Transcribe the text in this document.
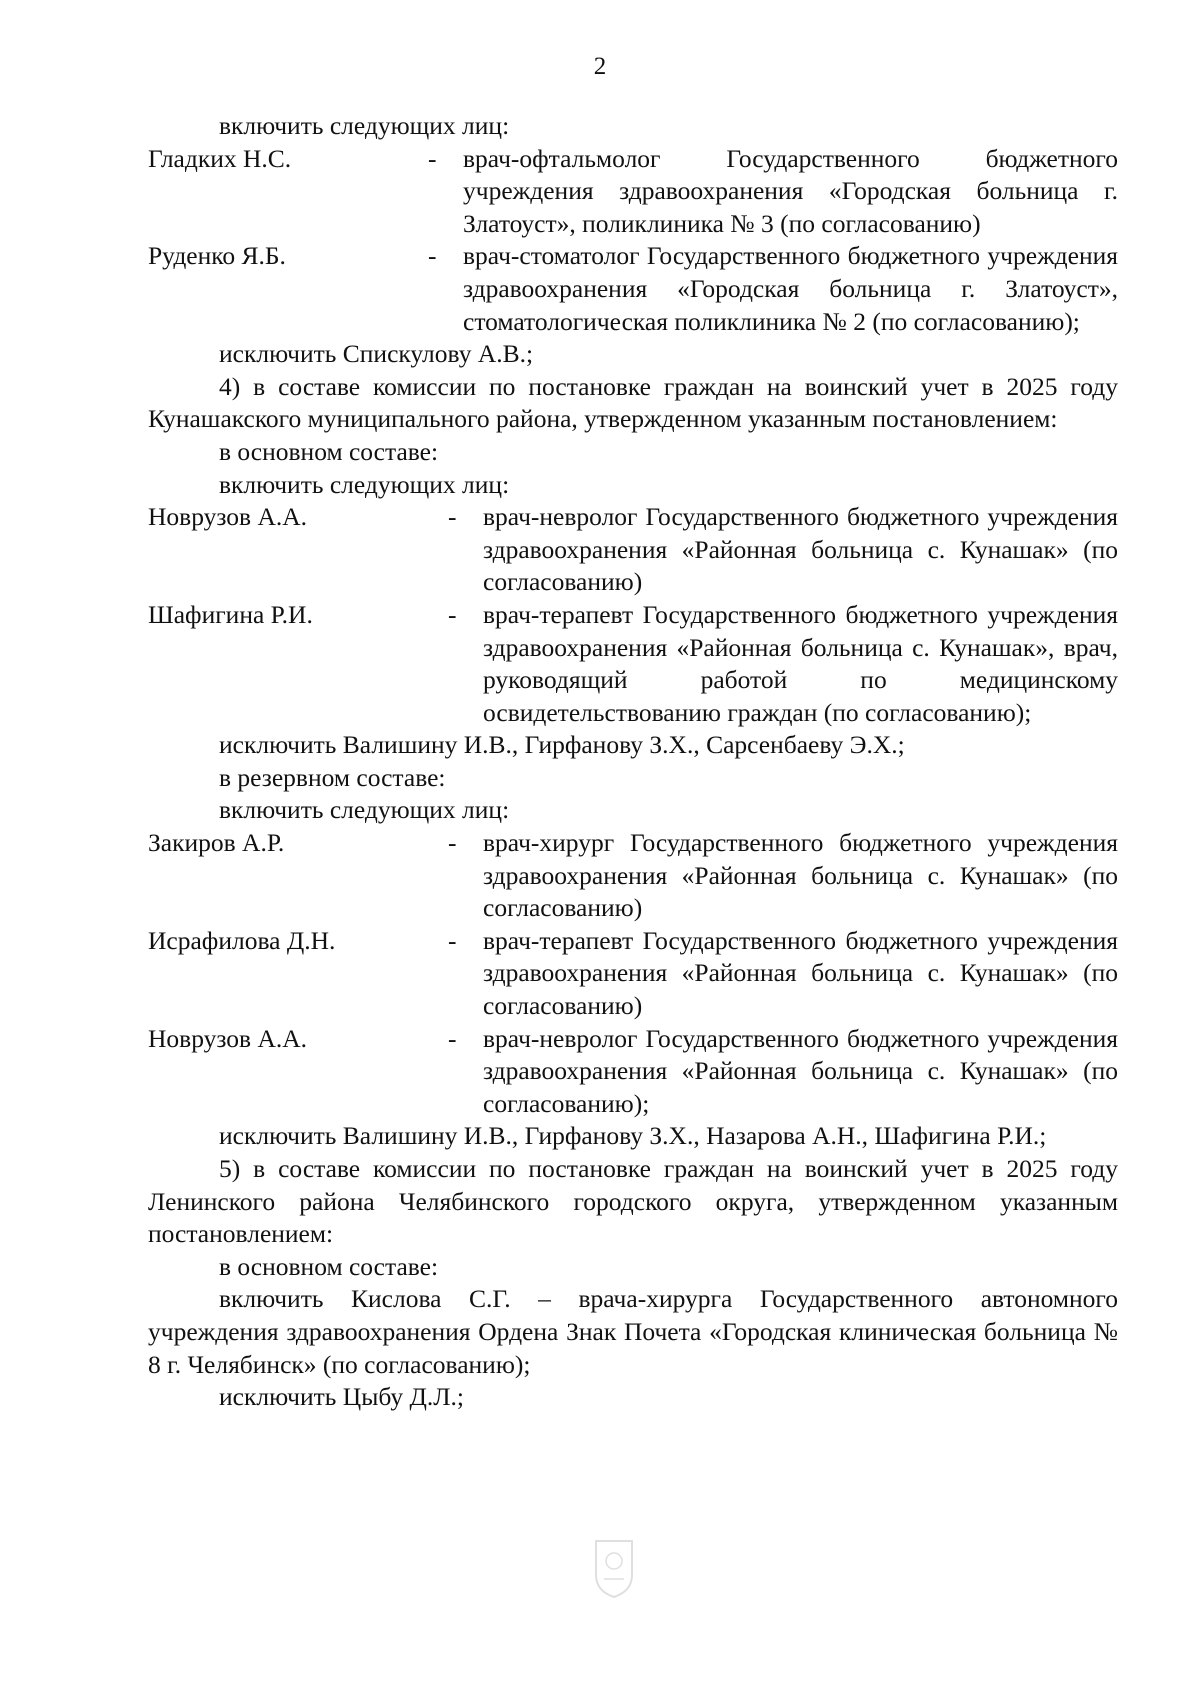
2

включить следующих лиц:

Гладких Н.С.	-	врач-офтальмолог Государственного бюджетного учреждения здравоохранения «Городская больница г. Златоуст», поликлиника № 3 (по согласованию)
Руденко Я.Б.	-	врач-стоматолог Государственного бюджетного учреждения здравоохранения «Городская больница г. Златоуст», стоматологическая поликлиника № 2 (по согласованию);

исключить Спискулову А.В.;

4) в составе комиссии по постановке граждан на воинский учет в 2025 году Кунашакского муниципального района, утвержденном указанным постановлением:

в основном составе:

включить следующих лиц:

Новрузов А.А.	-	врач-невролог Государственного бюджетного учреждения здравоохранения «Районная больница с. Кунашак» (по согласованию)
Шафигина Р.И.	-	врач-терапевт Государственного бюджетного учреждения здравоохранения «Районная больница с. Кунашак», врач, руководящий работой по медицинскому освидетельствованию граждан (по согласованию);

исключить Валишину И.В., Гирфанову З.Х., Сарсенбаеву Э.Х.;

в резервном составе:

включить следующих лиц:

Закиров А.Р.	-	врач-хирург Государственного бюджетного учреждения здравоохранения «Районная больница с. Кунашак» (по согласованию)
Исрафилова Д.Н.	-	врач-терапевт Государственного бюджетного учреждения здравоохранения «Районная больница с. Кунашак» (по согласованию)
Новрузов А.А.	-	врач-невролог Государственного бюджетного учреждения здравоохранения «Районная больница с. Кунашак» (по согласованию);

исключить Валишину И.В., Гирфанову З.Х., Назарова А.Н., Шафигина Р.И.;

5) в составе комиссии по постановке граждан на воинский учет в 2025 году Ленинского района Челябинского городского округа, утвержденном указанным постановлением:

в основном составе:

включить Кислова С.Г. – врача-хирурга Государственного автономного учреждения здравоохранения Ордена Знак Почета «Городская клиническая больница № 8 г. Челябинск» (по согласованию);

исключить Цыбу Д.Л.;
